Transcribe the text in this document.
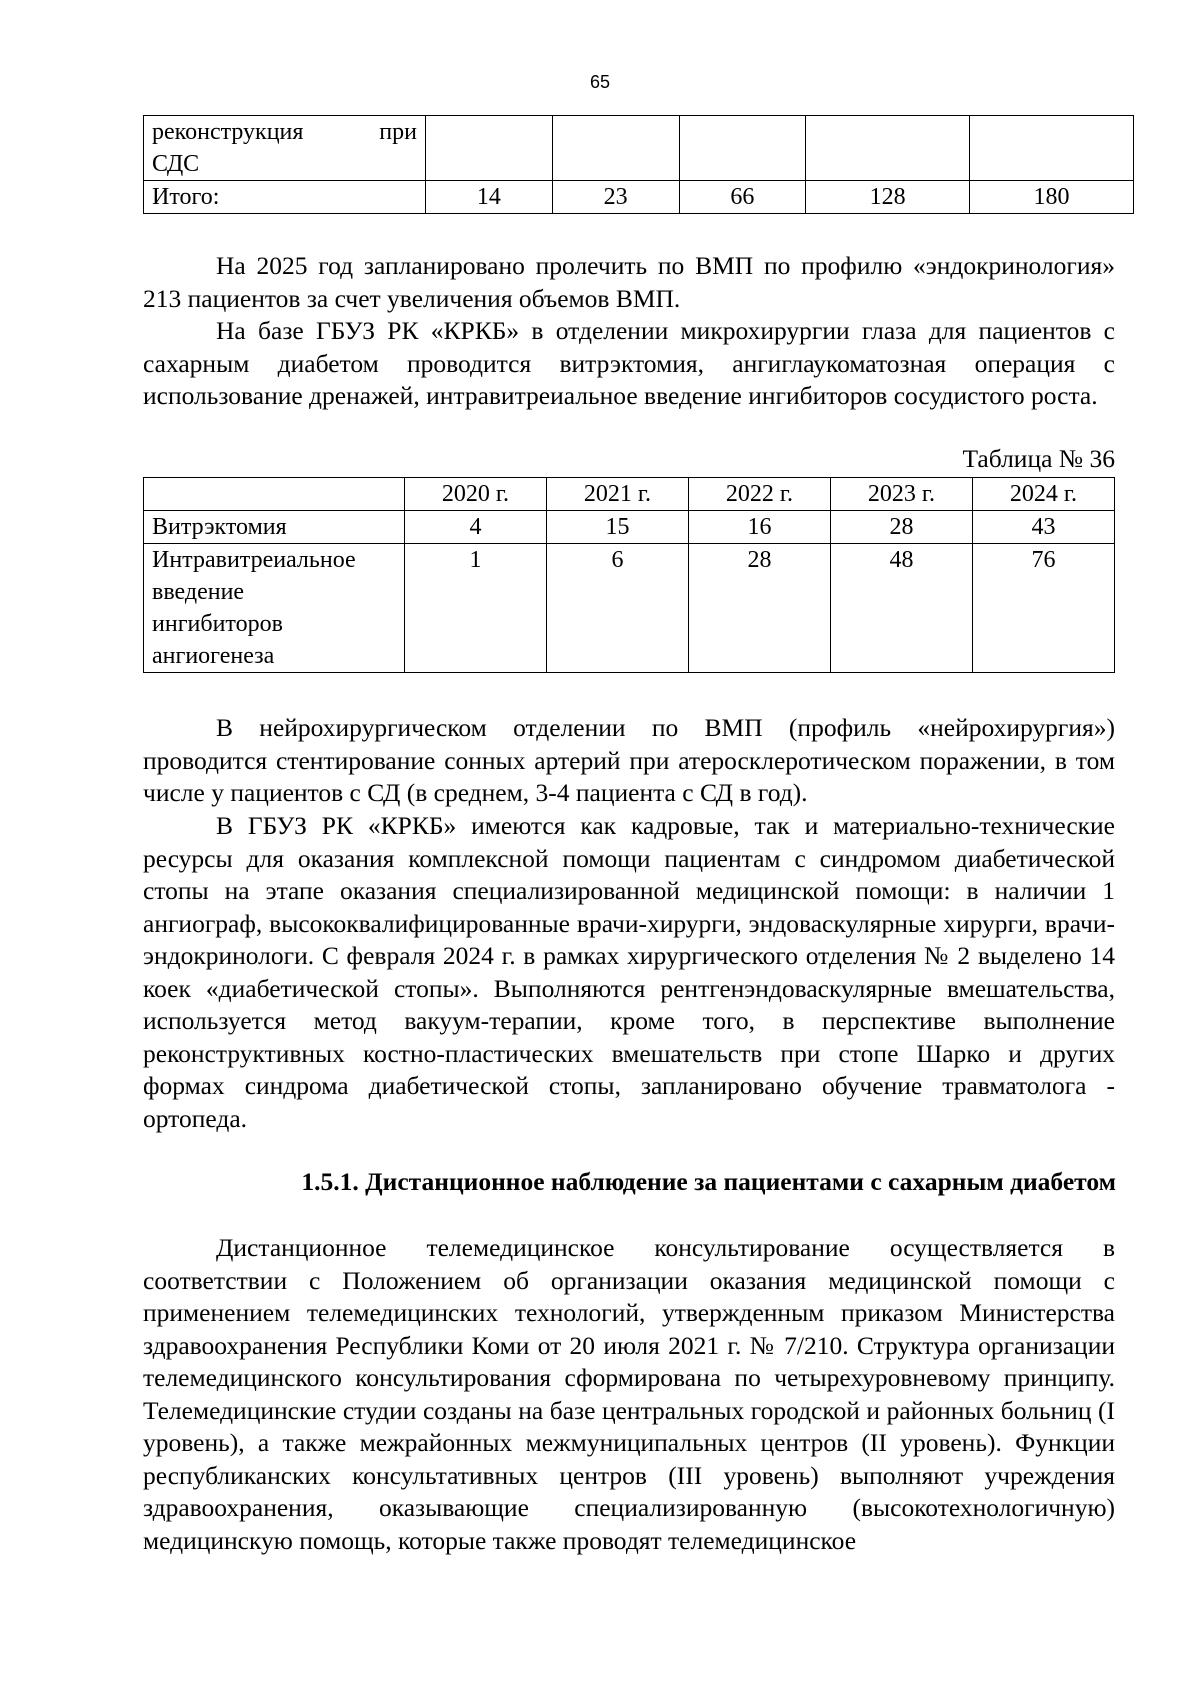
65
реконструкция при
СДС					
Итого:	14	23	66	128	180

На 2025 год запланировано пролечить по ВМП по профилю «эндокринология» 213 пациентов за счет увеличения объемов ВМП.

На базе ГБУЗ РК «КРКБ» в отделении микрохирургии глаза для пациентов с сахарным диабетом проводится витрэктомия, ангиглаукоматозная операция с использование дренажей, интравитреиальное введение ингибиторов сосудистого роста.

Таблица № 36
	2020 г.	2021 г.	2022 г.	2023 г.	2024 г.
Витрэктомия	4	15	16	28	43
Интравитреиальное
введение
ингибиторов
ангиогенеза	1	6	28	48	76

В нейрохирургическом отделении по ВМП (профиль «нейрохирургия») проводится стентирование сонных артерий при атеросклеротическом поражении, в том числе у пациентов с СД (в среднем, 3-4 пациента с СД в год).

В ГБУЗ РК «КРКБ» имеются как кадровые, так и материально-технические ресурсы для оказания комплексной помощи пациентам с синдромом диабетической стопы на этапе оказания специализированной медицинской помощи: в наличии 1 ангиограф, высококвалифицированные врачи-хирурги, эндоваскулярные хирурги, врачи-эндокринологи. С февраля 2024 г. в рамках хирургического отделения № 2 выделено 14 коек «диабетической стопы». Выполняются рентгенэндоваскулярные вмешательства, используется метод вакуум-терапии, кроме того, в перспективе выполнение реконструктивных костно-пластических вмешательств при стопе Шарко и других формах синдрома диабетической стопы, запланировано обучение травматолога - ортопеда.

1.5.1. Дистанционное наблюдение за пациентами с сахарным диабетом

Дистанционное телемедицинское консультирование осуществляется в соответствии с Положением об организации оказания медицинской помощи с применением телемедицинских технологий, утвержденным приказом Министерства здравоохранения Республики Коми от 20 июля 2021 г. № 7/210. Структура организации телемедицинского консультирования сформирована по четырехуровневому принципу. Телемедицинские студии созданы на базе центральных городской и районных больниц (I уровень), а также межрайонных межмуниципальных центров (II уровень). Функции республиканских консультативных центров (III уровень) выполняют учреждения здравоохранения, оказывающие специализированную (высокотехнологичную) медицинскую помощь, которые также проводят телемедицинское
